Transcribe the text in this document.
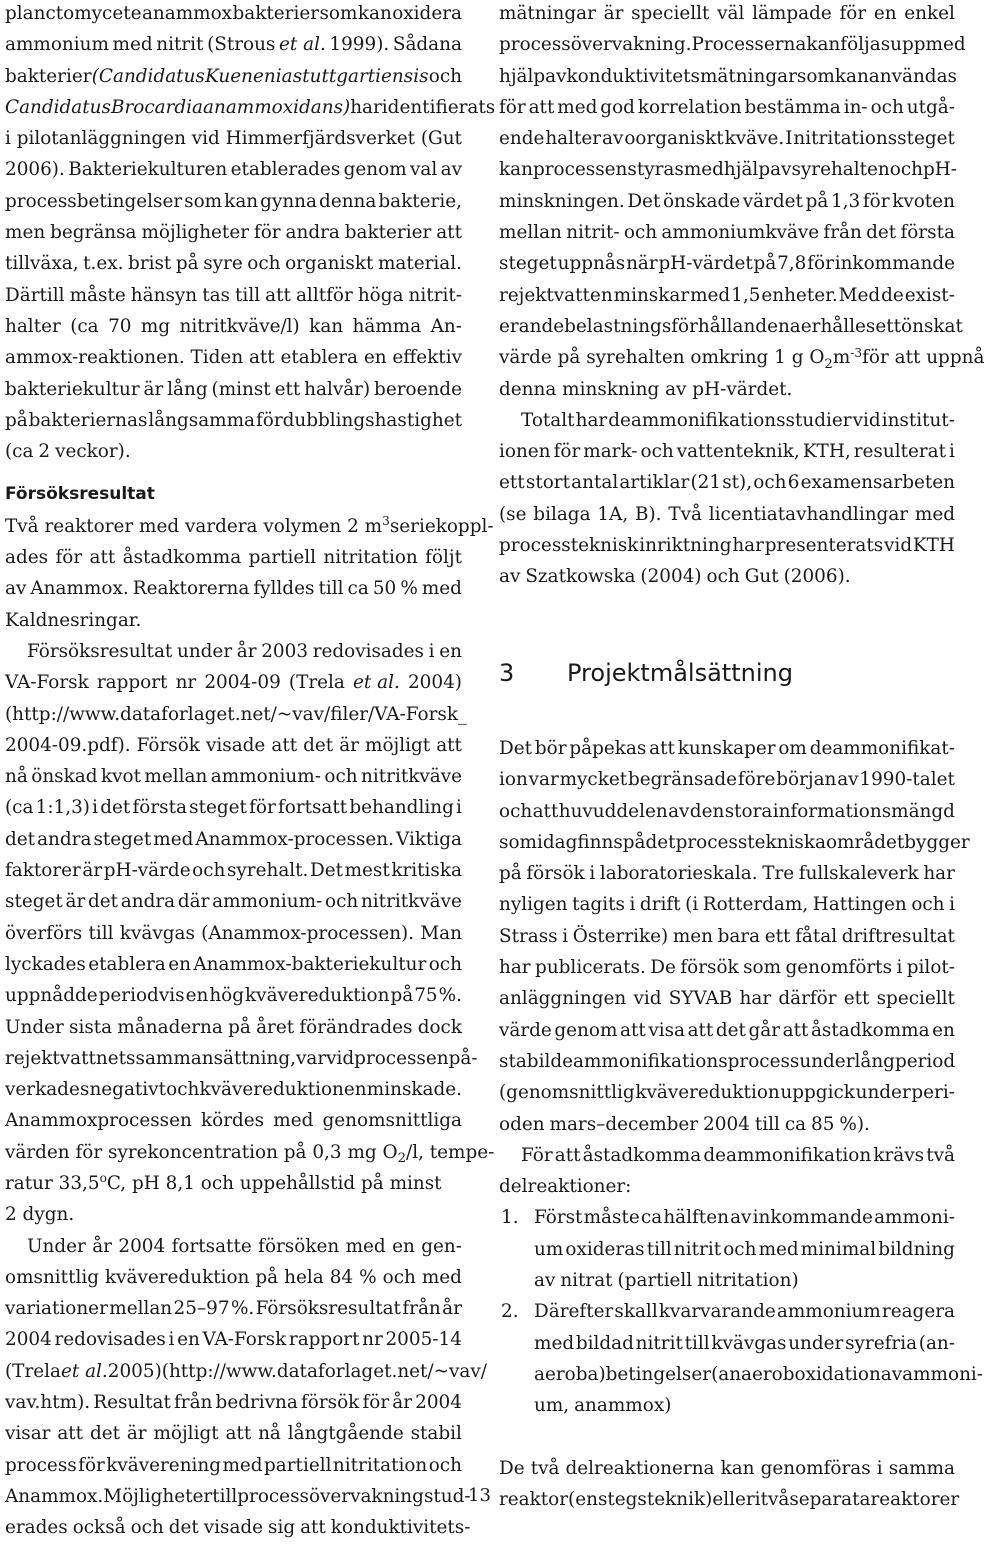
planctomycete anammox bakterier som kan oxidera
ammonium med nitrit (Strous et al. 1999). Sådana
bakterier (Candidatus Kuenenia stuttgartiensis och
Candidatus Brocardia anammoxidans) har identifierats
i pilotanläggningen vid Himmerfjärdsverket (Gut
2006). Bakteriekulturen etablerades genom val av
processbetingelser som kan gynna denna bakterie,
men begränsa möjligheter för andra bakterier att
tillväxa, t.ex. brist på syre och organiskt material.
Därtill måste hänsyn tas till att alltför höga nitrit-
halter (ca 70 mg nitritkväve/l) kan hämma An-
ammox-reaktionen. Tiden att etablera en effektiv
bakteriekultur är lång (minst ett halvår) beroende
på bakteriernas långsamma fördubblingshastighet
(ca 2 veckor).
Försöksresultat
Två reaktorer med vardera volymen 2 m3seriekoppl-
ades för att åstadkomma partiell nitritation följt
av Anammox. Reaktorerna fylldes till ca 50 % med
Kaldnesringar.
Försöksresultat under år 2003 redovisades i en
VA-Forsk rapport nr 2004-09 (Trela et al. 2004)
(http://www.dataforlaget.net/~vav/filer/VA-Forsk_
2004-09.pdf). Försök visade att det är möjligt att
nå önskad kvot mellan ammonium- och nitritkväve
(ca 1:1,3) i det första steget för fortsatt behandling i
det andra steget med Anammox-processen. Viktiga
faktorer är pH-värde och syrehalt. Det mest kritiska
steget är det andra där ammonium- och nitritkväve
överförs till kvävgas (Anammox-processen). Man
lyckades etablera en Anammox-bakteriekultur och
uppnådde periodvis en hög kvävereduktion på 75 %.
Under sista månaderna på året förändrades dock
rejektvattnets sammansättning, varvid processen på-
verkades negativt och kvävereduktionen minskade.
Anammoxprocessen kördes med genomsnittliga
värden för syrekoncentration på 0,3 mg O2/l, tempe-
ratur 33,5oC, pH 8,1 och uppehållstid på minst
2 dygn.
Under år 2004 fortsatte försöken med en gen-
omsnittlig kvävereduktion på hela 84 % och med
variationer mellan 25–97 %. Försöksresultat från år
2004 redovisades i en VA-Forsk rapport nr 2005-14
(Trela et al. 2005) (http://www.dataforlaget.net/~vav/
vav.htm). Resultat från bedrivna försök för år 2004
visar att det är möjligt att nå långtgående stabil
process för kväverening med partiell nitritation och
Anammox. Möjligheter till processövervakning stud-
erades också och det visade sig att konduktivitets-
mätningar är speciellt väl lämpade för en enkel
processövervakning. Processerna kan följas upp med
hjälp av konduktivitetsmätningar som kan användas
för att med god korrelation bestämma in- och utgå-
ende halter av oorganiskt kväve. I nitritationssteget
kan processen styras med hjälp av syrehalten och pH-
minskningen. Det önskade värdet på 1,3 för kvoten
mellan nitrit- och ammoniumkväve från det första
steget uppnås när pH-värdet på 7,8 för inkommande
rejektvatten minskar med 1,5 enheter. Med de exist-
erande belastningsförhållandena erhålles ett önskat
värde på syrehalten omkring 1 g O2m-3för att uppnå
denna minskning av pH-värdet.
Totalt har deammonifikationsstudier vid institut-
ionen för mark- och vattenteknik, KTH, resulterat i
ett stort antal artiklar (21 st), och 6 examensarbeten
(se bilaga 1A, B). Två licentiatavhandlingar med
processteknisk inriktning har presenterats vid KTH
av Szatkowska (2004) och Gut (2006).
3 Projektmålsättning
Det bör påpekas att kunskaper om deammonifikat-
ion var mycket begränsade före början av 1990-talet
och att huvuddelen av den stora informationsmängd
som idag finns på det processtekniska området bygger
på försök i laboratorieskala. Tre fullskaleverk har
nyligen tagits i drift (i Rotterdam, Hattingen och i
Strass i Österrike) men bara ett fåtal driftresultat
har publicerats. De försök som genomförts i pilot-
anläggningen vid SYVAB har därför ett speciellt
värde genom att visa att det går att åstadkomma en
stabil deammonifikationsprocess under lång period
(genomsnittlig kvävereduktion uppgick under peri-
oden mars–december 2004 till ca 85 %).
För att åstadkomma deammonifikation krävs två
delreaktioner:
1. Först måste ca hälften av inkommande ammoni-
um oxideras till nitrit och med minimal bildning
av nitrat (partiell nitritation)
2. Därefter skall kvarvarande ammonium reagera
med bildad nitrit till kvävgas under syrefria (an-
aeroba) betingelser (anaerob oxidation av ammoni-
um, anammox)
De två delreaktionerna kan genomföras i samma
reaktor (enstegsteknik) eller i två separata reaktorer
13
